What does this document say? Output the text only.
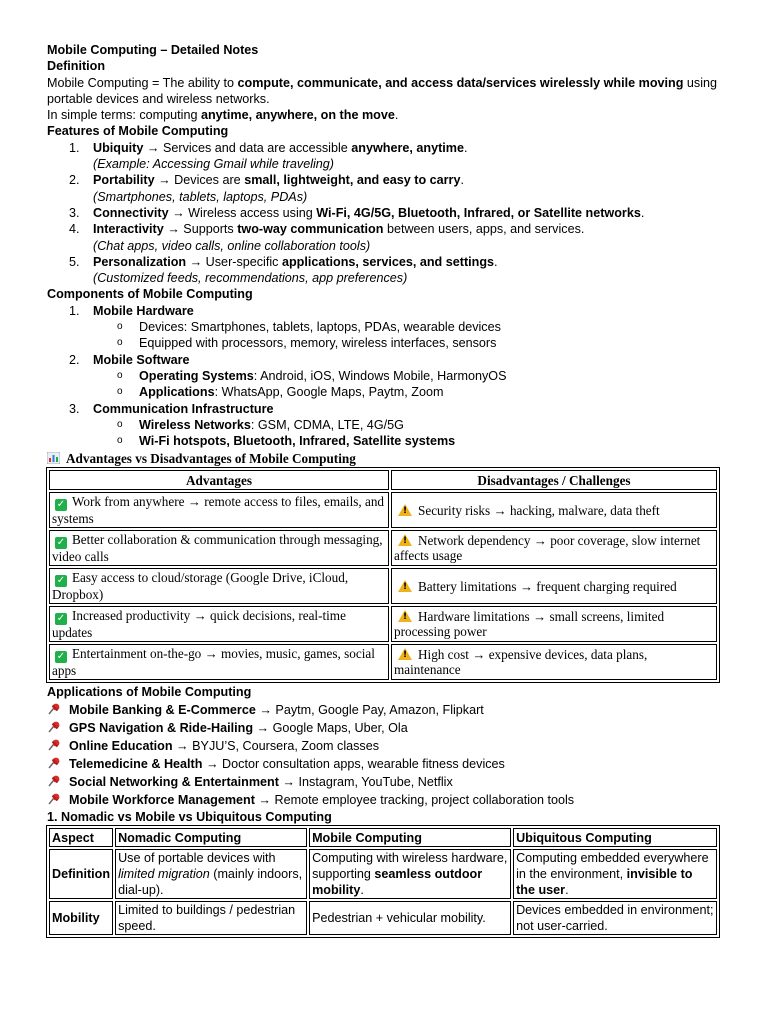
Mobile Computing – Detailed Notes
Definition
Mobile Computing = The ability to compute, communicate, and access data/services wirelessly while moving using
portable devices and wireless networks.
In simple terms: computing anytime, anywhere, on the move.
Features of Mobile Computing
1. Ubiquity → Services and data are accessible anywhere, anytime.
(Example: Accessing Gmail while traveling)
2. Portability → Devices are small, lightweight, and easy to carry.
(Smartphones, tablets, laptops, PDAs)
3. Connectivity → Wireless access using Wi-Fi, 4G/5G, Bluetooth, Infrared, or Satellite networks.
4. Interactivity → Supports two-way communication between users, apps, and services.
(Chat apps, video calls, online collaboration tools)
5. Personalization → User-specific applications, services, and settings.
(Customized feeds, recommendations, app preferences)
Components of Mobile Computing
1. Mobile Hardware
o Devices: Smartphones, tablets, laptops, PDAs, wearable devices
o Equipped with processors, memory, wireless interfaces, sensors
2. Mobile Software
o Operating Systems: Android, iOS, Windows Mobile, HarmonyOS
o Applications: WhatsApp, Google Maps, Paytm, Zoom
3. Communication Infrastructure
o Wireless Networks: GSM, CDMA, LTE, 4G/5G
o Wi-Fi hotspots, Bluetooth, Infrared, Satellite systems
Advantages vs Disadvantages of Mobile Computing
Advantages	Disadvantages / Challenges
✓ Work from anywhere → remote access to files, emails, and systems	!Security risks → hacking, malware, data theft
✓ Better collaboration & communication through messaging, video calls	!Network dependency → poor coverage, slow internet affects usage
✓ Easy access to cloud/storage (Google Drive, iCloud, Dropbox)	!Battery limitations → frequent charging required
✓ Increased productivity → quick decisions, real-time updates	!Hardware limitations → small screens, limited processing power
✓ Entertainment on-the-go → movies, music, games, social apps	!High cost → expensive devices, data plans, maintenance
Applications of Mobile Computing
Mobile Banking & E-Commerce → Paytm, Google Pay, Amazon, Flipkart
GPS Navigation & Ride-Hailing → Google Maps, Uber, Ola
Online Education → BYJU’S, Coursera, Zoom classes
Telemedicine & Health → Doctor consultation apps, wearable fitness devices
Social Networking & Entertainment → Instagram, YouTube, Netflix
Mobile Workforce Management → Remote employee tracking, project collaboration tools
1. Nomadic vs Mobile vs Ubiquitous Computing
Aspect	Nomadic Computing	Mobile Computing	Ubiquitous Computing
Definition	Use of portable devices with limited migration (mainly indoors, dial-up).	Computing with wireless hardware, supporting seamless outdoor mobility.	Computing embedded everywhere in the environment, invisible to the user.
Mobility	Limited to buildings / pedestrian speed.	Pedestrian + vehicular mobility.	Devices embedded in environment; not user-carried.
